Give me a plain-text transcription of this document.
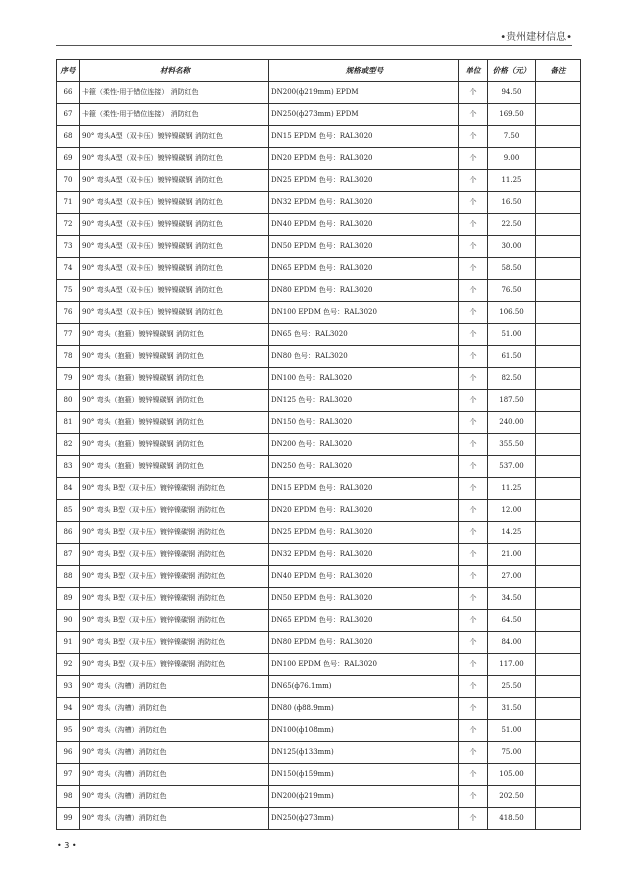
•贵州建材信息•
序号	材料名称	规格或型号	单位	价格（元）	备注
66	卡箍（柔性-用于错位连接） 消防红色	DN200(ф219mm) EPDM	个	94.50	
67	卡箍（柔性-用于错位连接） 消防红色	DN250(ф273mm) EPDM	个	169.50	
68	90° 弯头A型（双卡压）镀锌镍碳钢 消防红色	DN15 EPDM 色号：RAL3020	个	7.50	
69	90° 弯头A型（双卡压）镀锌镍碳钢 消防红色	DN20 EPDM 色号：RAL3020	个	9.00	
70	90° 弯头A型（双卡压）镀锌镍碳钢 消防红色	DN25 EPDM 色号：RAL3020	个	11.25	
71	90° 弯头A型（双卡压）镀锌镍碳钢 消防红色	DN32 EPDM 色号：RAL3020	个	16.50	
72	90° 弯头A型（双卡压）镀锌镍碳钢 消防红色	DN40 EPDM 色号：RAL3020	个	22.50	
73	90° 弯头A型（双卡压）镀锌镍碳钢 消防红色	DN50 EPDM 色号：RAL3020	个	30.00	
74	90° 弯头A型（双卡压）镀锌镍碳钢 消防红色	DN65 EPDM 色号：RAL3020	个	58.50	
75	90° 弯头A型（双卡压）镀锌镍碳钢 消防红色	DN80 EPDM 色号：RAL3020	个	76.50	
76	90° 弯头A型（双卡压）镀锌镍碳钢 消防红色	DN100 EPDM 色号：RAL3020	个	106.50	
77	90° 弯头（抱箍）镀锌镍碳钢 消防红色	DN65 色号：RAL3020	个	51.00	
78	90° 弯头（抱箍）镀锌镍碳钢 消防红色	DN80 色号：RAL3020	个	61.50	
79	90° 弯头（抱箍）镀锌镍碳钢 消防红色	DN100 色号：RAL3020	个	82.50	
80	90° 弯头（抱箍）镀锌镍碳钢 消防红色	DN125 色号：RAL3020	个	187.50	
81	90° 弯头（抱箍）镀锌镍碳钢 消防红色	DN150 色号：RAL3020	个	240.00	
82	90° 弯头（抱箍）镀锌镍碳钢 消防红色	DN200 色号：RAL3020	个	355.50	
83	90° 弯头（抱箍）镀锌镍碳钢 消防红色	DN250 色号：RAL3020	个	537.00	
84	90° 弯头 B型（双卡压）镀锌镍碳钢 消防红色	DN15 EPDM 色号：RAL3020	个	11.25	
85	90° 弯头 B型（双卡压）镀锌镍碳钢 消防红色	DN20 EPDM 色号：RAL3020	个	12.00	
86	90° 弯头 B型（双卡压）镀锌镍碳钢 消防红色	DN25 EPDM 色号：RAL3020	个	14.25	
87	90° 弯头 B型（双卡压）镀锌镍碳钢 消防红色	DN32 EPDM 色号：RAL3020	个	21.00	
88	90° 弯头 B型（双卡压）镀锌镍碳钢 消防红色	DN40 EPDM 色号：RAL3020	个	27.00	
89	90° 弯头 B型（双卡压）镀锌镍碳钢 消防红色	DN50 EPDM 色号：RAL3020	个	34.50	
90	90° 弯头 B型（双卡压）镀锌镍碳钢 消防红色	DN65 EPDM 色号：RAL3020	个	64.50	
91	90° 弯头 B型（双卡压）镀锌镍碳钢 消防红色	DN80 EPDM 色号：RAL3020	个	84.00	
92	90° 弯头 B型（双卡压）镀锌镍碳钢 消防红色	DN100 EPDM 色号：RAL3020	个	117.00	
93	90° 弯头（沟槽）消防红色	DN65(ф76.1mm)	个	25.50	
94	90° 弯头（沟槽）消防红色	DN80 (ф88.9mm)	个	31.50	
95	90° 弯头（沟槽）消防红色	DN100(ф108mm)	个	51.00	
96	90° 弯头（沟槽）消防红色	DN125(ф133mm)	个	75.00	
97	90° 弯头（沟槽）消防红色	DN150(ф159mm)	个	105.00	
98	90° 弯头（沟槽）消防红色	DN200(ф219mm)	个	202.50	
99	90° 弯头（沟槽）消防红色	DN250(ф273mm)	个	418.50	
• 3 •
